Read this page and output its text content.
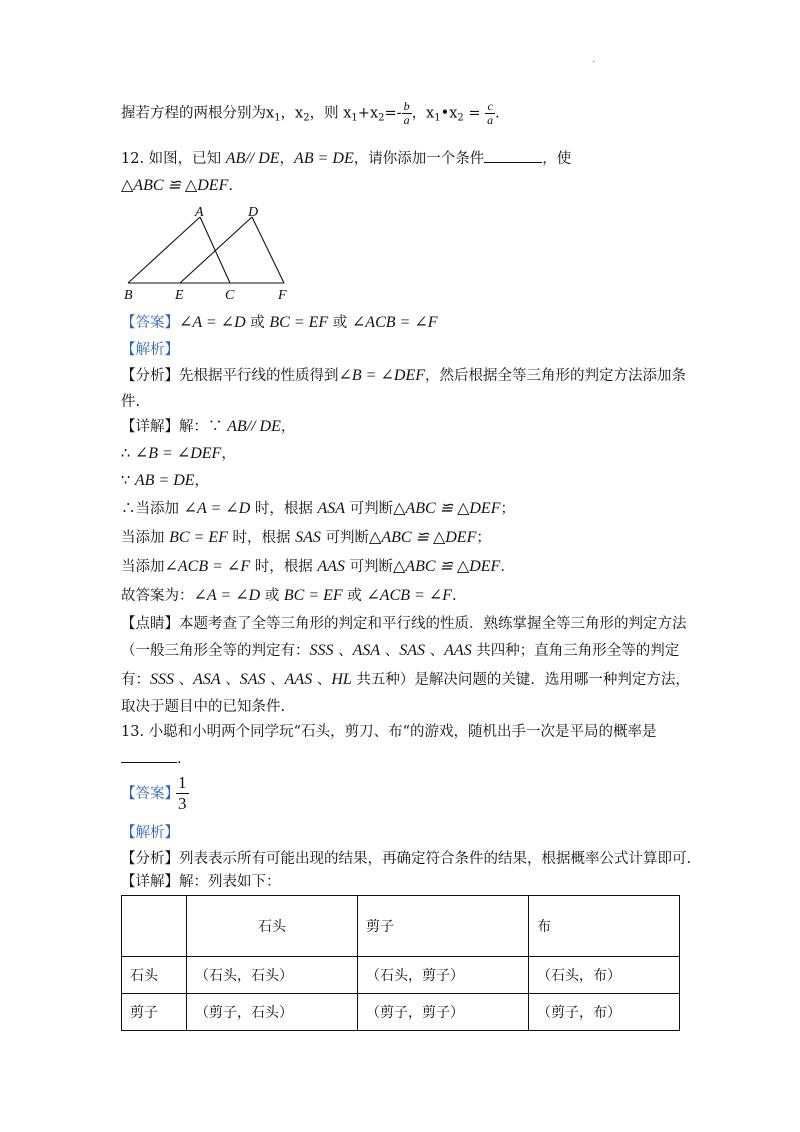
.
握若方程的两根分别为$x_1$，$x_2$，则 $x_1+x_2=- \frac{b}{a}$ ，$x_1•x_2 = \frac{c}{a}$ .
12. 如图，已知 AB// DE，AB = DE，请你添加一个条件	，使
△ABC ≌ △DEF.
A	D
B	E	C	F
【答案】∠A = ∠D 或 BC = EF 或 ∠ACB = ∠F
【解析】
【分析】先根据平行线的性质得到∠B = ∠DEF，然后根据全等三角形的判定方法添加条
件.
【详解】解：∵ AB// DE，
∴ ∠B = ∠DEF，
∵ AB = DE，
∴当添加 ∠A = ∠D 时，根据 ASA 可判断△ABC ≌ △DEF；
当添加 BC = EF 时，根据 SAS 可判断△ABC ≌ △DEF；
当添加∠ACB = ∠F 时，根据 AAS 可判断△ABC ≌ △DEF.
故答案为：∠A = ∠D 或 BC = EF 或 ∠ACB = ∠F.
【点睛】本题考查了全等三角形的判定和平行线的性质．熟练掌握全等三角形的判定方法
（一般三角形全等的判定有：SSS 、ASA 、SAS 、AAS 共四种；直角三角形全等的判定
有：SSS 、ASA 、SAS 、AAS 、HL 共五种）是解决问题的关键．选用哪一种判定方法，
取决于题目中的已知条件.
13. 小聪和小明两个同学玩“石头，剪刀、布“的游戏，随机出手一次是平局的概率是
.
【答案】
$\frac{1}{3}$
【解析】
【分析】列表表示所有可能出现的结果，再确定符合条件的结果，根据概率公式计算即可.
【详解】解：列表如下：
	石头	剪子	布
石头	（石头，石头）	（石头，剪子）	（石头，布）
剪子	（剪子，石头）	（剪子，剪子）	（剪子，布）
